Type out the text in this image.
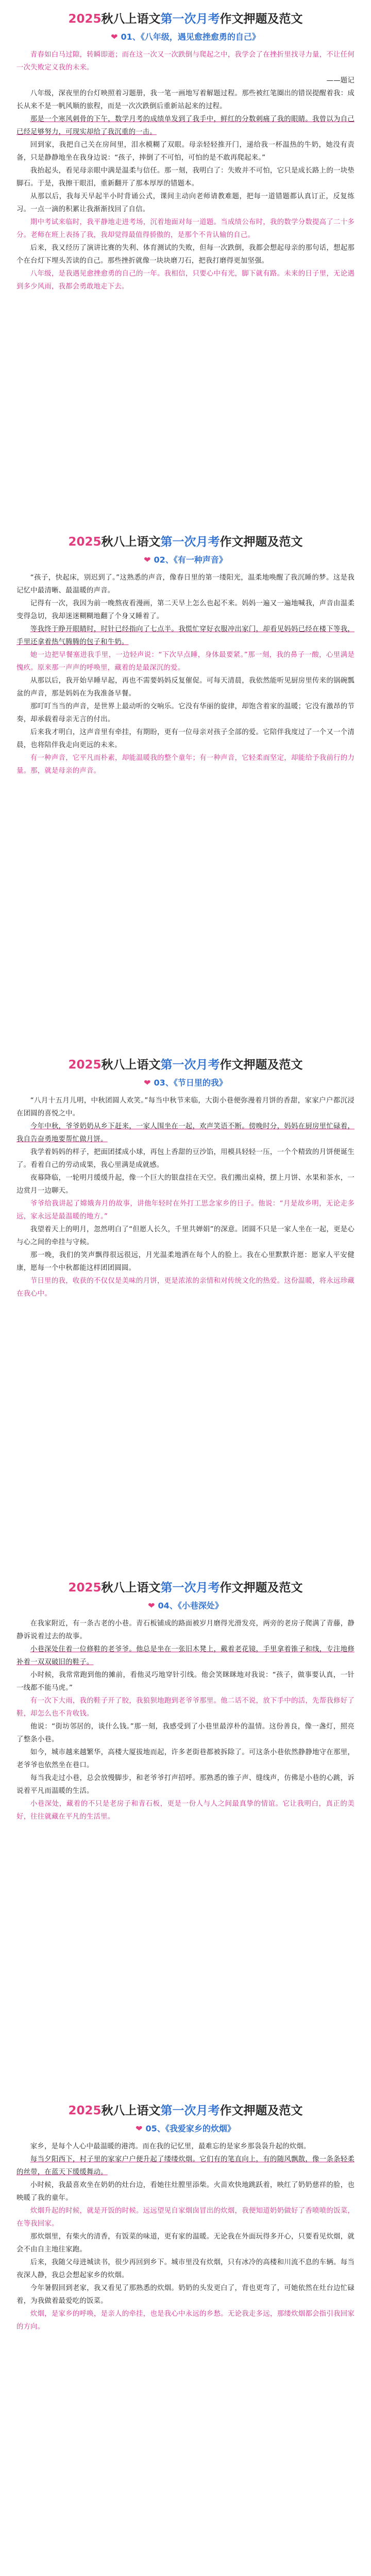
2025秋八上语文第一次月考作文押题及范文
❤ 01、《八年级，遇见愈挫愈勇的自己》

青春如白马过隙，转瞬即逝；而在这一次又一次跌倒与爬起之中，我学会了在挫折里找寻力量，不让任何一次失败定义我的未来。

——题记

八年级，深夜里的台灯映照着习题册，我一笔一画地写着解题过程。那些被红笔圈出的错误提醒着我：成长从来不是一帆风顺的旅程，而是一次次跌倒后重新站起来的过程。

那是一个寒风刺骨的下午，数学月考的成绩单发到了我手中，鲜红的分数刺痛了我的眼睛。我曾以为自己已经足够努力，可现实却给了我沉重的一击。

回到家，我把自己关在房间里，泪水模糊了双眼。母亲轻轻推开门，递给我一杯温热的牛奶，她没有责备，只是静静地坐在我身边说：“孩子，摔倒了不可怕，可怕的是不敢再爬起来。”

我抬起头，看见母亲眼中满是温柔与信任。那一刻，我明白了：失败并不可怕，它只是成长路上的一块垫脚石。于是，我擦干眼泪，重新翻开了那本厚厚的错题本。

从那以后，我每天早起半小时背诵公式，课间主动向老师请教难题，把每一道错题都认真订正，反复练习。一点一滴的积累让我渐渐找回了自信。

期中考试来临时，我平静地走进考场，沉着地面对每一道题。当成绩公布时，我的数学分数提高了二十多分。老师在班上表扬了我，我却觉得最值得骄傲的，是那个不肯认输的自己。

后来，我又经历了演讲比赛的失利、体育测试的失败，但每一次跌倒，我都会想起母亲的那句话，想起那个在台灯下埋头苦读的自己。那些挫折就像一块块磨刀石，把我打磨得更加坚强。

八年级，是我遇见愈挫愈勇的自己的一年。我相信，只要心中有光，脚下就有路。未来的日子里，无论遇到多少风雨，我都会勇敢地走下去。

2025秋八上语文第一次月考作文押题及范文
❤ 02、《有一种声音》

“孩子，快起床，别迟到了。”这熟悉的声音，像春日里的第一缕阳光，温柔地唤醒了我沉睡的梦。这是我记忆中最清晰、最温暖的声音。

记得有一次，我因为前一晚熬夜看漫画，第二天早上怎么也起不来。妈妈一遍又一遍地喊我，声音由温柔变得急切，我却迷迷糊糊地翻了个身又睡着了。

等我终于睁开眼睛时，时针已经指向了七点半。我慌忙穿好衣服冲出家门，却看见妈妈已经在楼下等我，手里还拿着热气腾腾的包子和牛奶。

她一边把早餐塞进我手里，一边轻声说：“下次早点睡，身体最要紧。”那一刻，我的鼻子一酸，心里满是愧疚。原来那一声声的呼唤里，藏着的是最深沉的爱。

从那以后，我开始早睡早起，再也不需要妈妈反复催促。可每天清晨，我依然能听见厨房里传来的锅碗瓢盆的声音，那是妈妈在为我准备早餐。

那叮叮当当的声音，是世界上最动听的交响乐。它没有华丽的旋律，却饱含着家的温暖；它没有激昂的节奏，却承载着母亲无言的付出。

后来我才明白，这声音里有牵挂，有期盼，更有一位母亲对孩子全部的爱。它陪伴我度过了一个又一个清晨，也将陪伴我走向更远的未来。

有一种声音，它平凡而朴素，却能温暖我的整个童年；有一种声音，它轻柔而坚定，却能给予我前行的力量。那，就是母亲的声音。

2025秋八上语文第一次月考作文押题及范文
❤ 03、《节日里的我》

“八月十五月儿明，中秋团圆人欢笑。”每当中秋节来临，大街小巷便弥漫着月饼的香甜，家家户户都沉浸在团圆的喜悦之中。

今年中秋，爷爷奶奶从乡下赶来，一家人围坐在一起，欢声笑语不断。傍晚时分，妈妈在厨房里忙碌着，我自告奋勇地要帮忙做月饼。

我学着妈妈的样子，把面团揉成小球，再包上香甜的豆沙馅，用模具轻轻一压，一个个精致的月饼便诞生了。看着自己的劳动成果，我心里满是成就感。

夜幕降临，一轮明月缓缓升起，像一个巨大的银盘挂在天空。我们搬出桌椅，摆上月饼、水果和茶水，一边赏月一边聊天。

爷爷给我讲起了嫦娥奔月的故事，讲他年轻时在外打工思念家乡的日子。他说：“月是故乡明，无论走多远，家永远是最温暖的地方。”

我望着天上的明月，忽然明白了“但愿人长久，千里共婵娟”的深意。团圆不只是一家人坐在一起，更是心与心之间的牵挂与守候。

那一晚，我们的笑声飘得很远很远，月光温柔地洒在每个人的脸上。我在心里默默许愿：愿家人平安健康，愿每一个中秋都能这样团团圆圆。

节日里的我，收获的不仅仅是美味的月饼，更是浓浓的亲情和对传统文化的热爱。这份温暖，将永远珍藏在我心中。

2025秋八上语文第一次月考作文押题及范文
❤ 04、《小巷深处》

在我家附近，有一条古老的小巷。青石板铺成的路面被岁月磨得光滑发亮，两旁的老房子爬满了青藤，静静诉说着过去的故事。

小巷深处住着一位修鞋的老爷爷。他总是坐在一张旧木凳上，戴着老花镜，手里拿着锥子和线，专注地修补着一双双破旧的鞋子。

小时候，我常常跑到他的摊前，看他灵巧地穿针引线。他会笑眯眯地对我说：“孩子，做事要认真，一针一线都不能马虎。”

有一次下大雨，我的鞋子开了胶，我狼狈地跑到老爷爷那里。他二话不说，放下手中的活，先帮我修好了鞋，却怎么也不肯收钱。

他说：“街坊邻居的，谈什么钱。”那一刻，我感受到了小巷里最淳朴的温情。这份善良，像一盏灯，照亮了整条小巷。

如今，城市越来越繁华，高楼大厦拔地而起，许多老街巷都被拆除了。可这条小巷依然静静地守在那里，老爷爷也依然坐在巷口。

每当我走过小巷，总会放慢脚步，和老爷爷打声招呼。那熟悉的锥子声、缝线声，仿佛是小巷的心跳，诉说着平凡而温暖的生活。

小巷深处，藏着的不只是老房子和青石板，更是一份人与人之间最真挚的情谊。它让我明白，真正的美好，往往就藏在平凡的生活里。

2025秋八上语文第一次月考作文押题及范文
❤ 05、《我爱家乡的炊烟》

家乡，是每个人心中最温暖的港湾。而在我的记忆里，最难忘的是家乡那袅袅升起的炊烟。

每当夕阳西下，村子里的家家户户便升起了缕缕炊烟。它们有的笔直向上，有的随风飘散，像一条条轻柔的丝带，在蓝天下缓缓舞动。

小时候，我最喜欢坐在奶奶的灶台边，看她往灶膛里添柴。火苗欢快地跳跃着，映红了奶奶慈祥的脸，也映暖了我的童年。

炊烟升起的时候，就是开饭的时候。远远望见自家烟囱冒出的炊烟，我便知道奶奶做好了香喷喷的饭菜，在等我回家。

那炊烟里，有柴火的清香，有饭菜的味道，更有家的温暖。无论我在外面玩得多开心，只要看见炊烟，就会不由自主地往家跑。

后来，我随父母进城读书，很少再回到乡下。城市里没有炊烟，只有冰冷的高楼和川流不息的车辆。每当夜深人静，我总会想起家乡的炊烟。

今年暑假回到老家，我又看见了那熟悉的炊烟。奶奶的头发更白了，背也更弯了，可她依然在灶台边忙碌着，为我做着最爱吃的饭菜。

炊烟，是家乡的呼唤，是亲人的牵挂，也是我心中永远的乡愁。无论我走多远，那缕炊烟都会指引我回家的方向。
